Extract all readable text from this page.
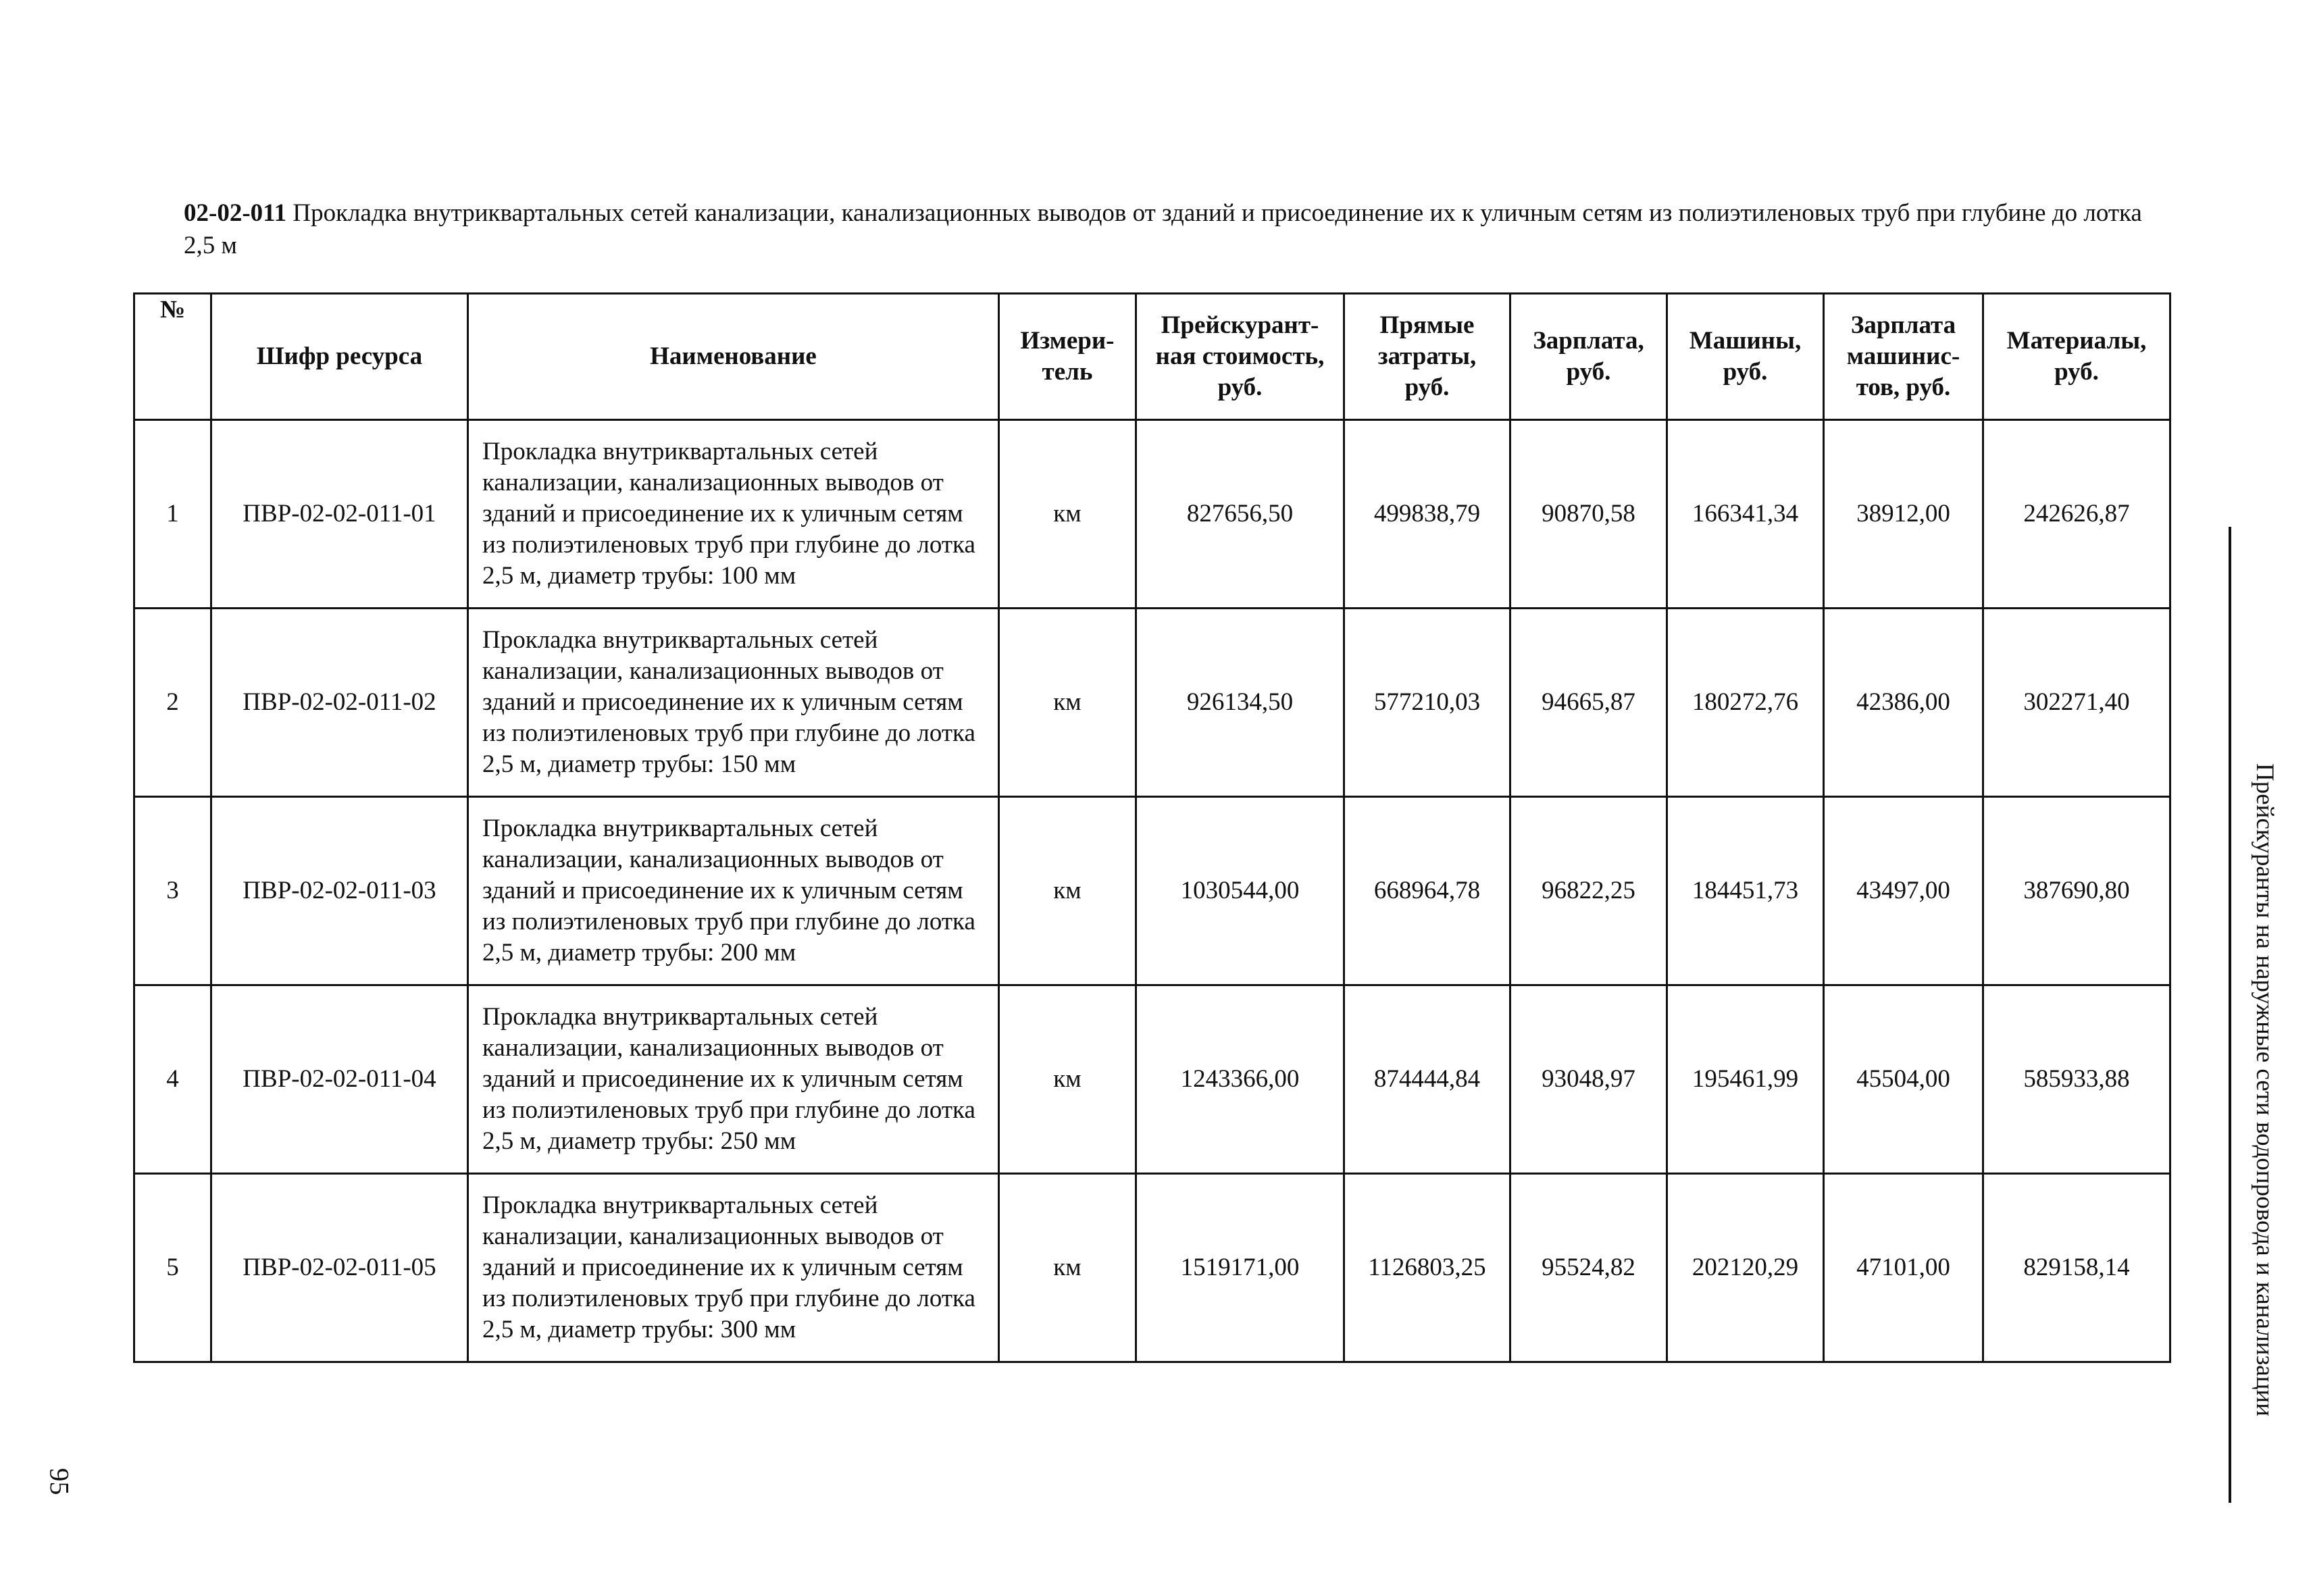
02-02-011 Прокладка внутриквартальных сетей канализации, канализационных выводов от зданий и присоединение их к уличным сетям из полиэтиленовых труб при глубине до лотка 2,5 м
№	Шифр ресурса	Наименование	Измери-тель	Прейскурант-ная стоимость, руб.	Прямые затраты, руб.	Зарплата, руб.	Машины, руб.	Зарплата машинис-тов, руб.	Материалы, руб.
1	ПВР-02-02-011-01	Прокладка внутриквартальных сетей канализации, канализационных выводов от зданий и присоединение их к уличным сетям из полиэтиленовых труб при глубине до лотка 2,5 м, диаметр трубы: 100 мм	км	827656,50	499838,79	90870,58	166341,34	38912,00	242626,87
2	ПВР-02-02-011-02	Прокладка внутриквартальных сетей канализации, канализационных выводов от зданий и присоединение их к уличным сетям из полиэтиленовых труб при глубине до лотка 2,5 м, диаметр трубы: 150 мм	км	926134,50	577210,03	94665,87	180272,76	42386,00	302271,40
3	ПВР-02-02-011-03	Прокладка внутриквартальных сетей канализации, канализационных выводов от зданий и присоединение их к уличным сетям из полиэтиленовых труб при глубине до лотка 2,5 м, диаметр трубы: 200 мм	км	1030544,00	668964,78	96822,25	184451,73	43497,00	387690,80
4	ПВР-02-02-011-04	Прокладка внутриквартальных сетей канализации, канализационных выводов от зданий и присоединение их к уличным сетям из полиэтиленовых труб при глубине до лотка 2,5 м, диаметр трубы: 250 мм	км	1243366,00	874444,84	93048,97	195461,99	45504,00	585933,88
5	ПВР-02-02-011-05	Прокладка внутриквартальных сетей канализации, канализационных выводов от зданий и присоединение их к уличным сетям из полиэтиленовых труб при глубине до лотка 2,5 м, диаметр трубы: 300 мм	км	1519171,00	1126803,25	95524,82	202120,29	47101,00	829158,14	Прейскуранты на наружные сети водопровода и канализации
95
